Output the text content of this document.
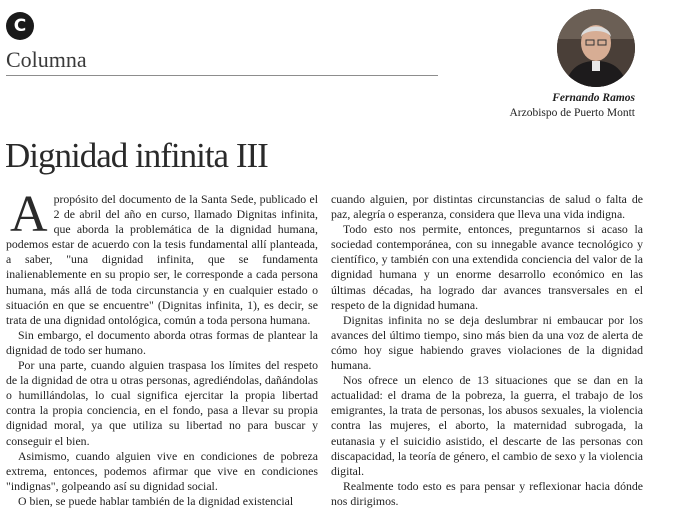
C
Columna
Fernando Ramos
Arzobispo de Puerto Montt
Dignidad infinita III

Apropósito del documento de la Santa Sede, publicado el 2 de abril del año en curso, llamado Dignitas infinita, que aborda la problemática de la dignidad humana, podemos estar de acuerdo con la tesis fundamental allí planteada, a saber, "una dignidad infinita, que se fundamenta inalienablemente en su propio ser, le corresponde a cada persona humana, más allá de toda circunstancia y en cualquier estado o situación en que se encuentre" (Dignitas infinita, 1), es decir, se trata de una dignidad ontológica, común a toda persona humana.

Sin embargo, el documento aborda otras formas de plantear la dignidad de todo ser humano.

Por una parte, cuando alguien traspasa los límites del respeto de la dignidad de otra u otras personas, agrediéndolas, dañándolas o humillándolas, lo cual significa ejercitar la propia libertad contra la propia conciencia, en el fondo, pasa a llevar su propia dignidad moral, ya que utiliza su libertad no para buscar y conseguir el bien.

Asimismo, cuando alguien vive en condiciones de pobreza extrema, entonces, podemos afirmar que vive en condiciones "indignas", golpeando así su dignidad social.

O bien, se puede hablar también de la dignidad existencial

cuando alguien, por distintas circunstancias de salud o falta de paz, alegría o esperanza, considera que lleva una vida indigna.

Todo esto nos permite, entonces, preguntarnos si acaso la sociedad contemporánea, con su innegable avance tecnológico y científico, y también con una extendida conciencia del valor de la dignidad humana y un enorme desarrollo económico en las últimas décadas, ha logrado dar avances transversales en el respeto de la dignidad humana.

Dignitas infinita no se deja deslumbrar ni embaucar por los avances del último tiempo, sino más bien da una voz de alerta de cómo hoy sigue habiendo graves violaciones de la dignidad humana.

Nos ofrece un elenco de 13 situaciones que se dan en la actualidad: el drama de la pobreza, la guerra, el trabajo de los emigrantes, la trata de personas, los abusos sexuales, la violencia contra las mujeres, el aborto, la maternidad subrogada, la eutanasia y el suicidio asistido, el descarte de las personas con discapacidad, la teoría de género, el cambio de sexo y la violencia digital.

Realmente todo esto es para pensar y reflexionar hacia dónde nos dirigimos.
